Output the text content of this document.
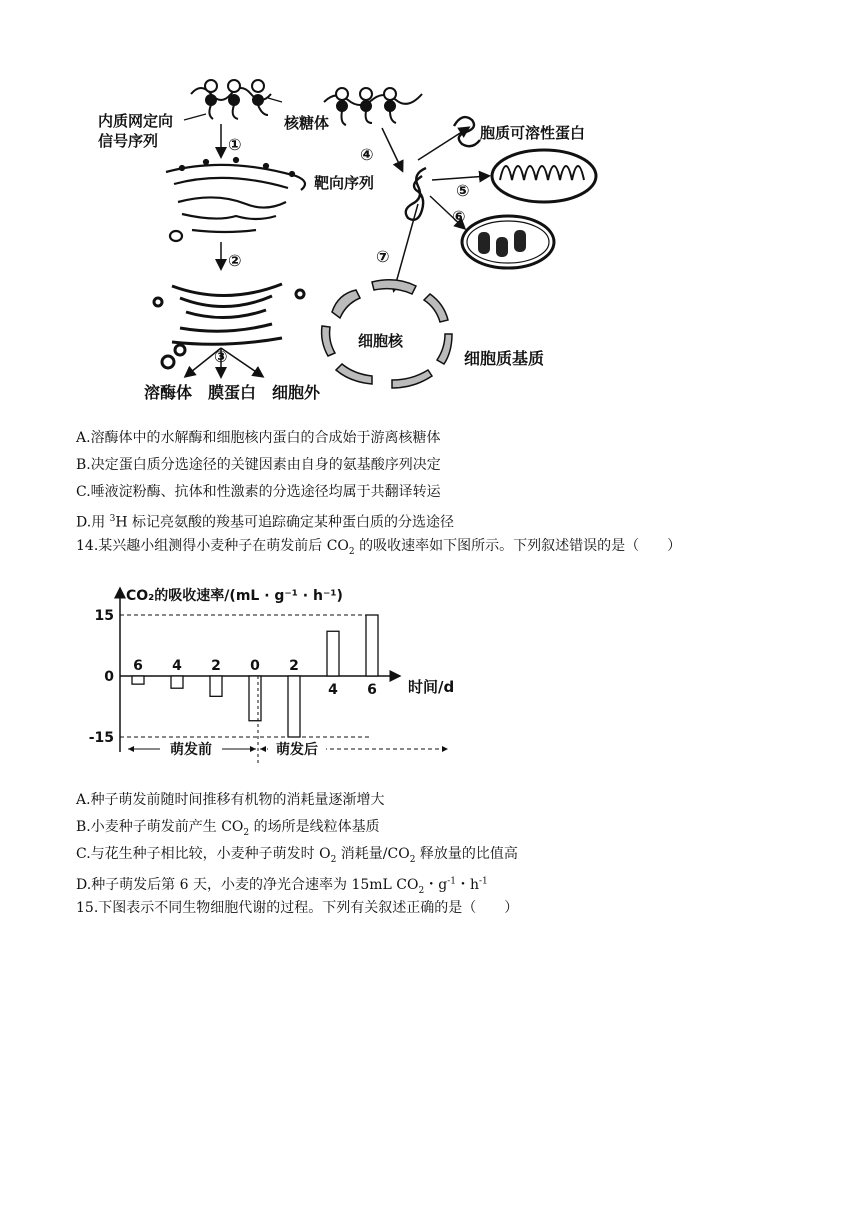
内质网定向
信号序列
核糖体
①
②
③
溶酶体 膜蛋白 细胞外
④
靶向序列
胞质可溶性蛋白
⑤
⑥
⑦
细胞核
细胞质基质
A.溶酶体中的水解酶和细胞核内蛋白的合成始于游离核糖体
B.决定蛋白质分选途径的关键因素由自身的氨基酸序列决定
C.唾液淀粉酶、抗体和性激素的分选途径均属于共翻译转运
D.用 $^3$H 标记亮氨酸的羧基可追踪确定某种蛋白质的分选途径
14.某兴趣小组测得小麦种子在萌发前后 $CO_2$ 的吸收速率如下图所示。下列叙述错误的是（　　）
CO₂的吸收速率/(mL · g⁻¹ · h⁻¹)
15
0
-15
时间/d
6 4 2 0 2
4 6
萌发前	萌发后
A.种子萌发前随时间推移有机物的消耗量逐渐增大
B.小麦种子萌发前产生 $CO_2$ 的场所是线粒体基质
C.与花生种子相比较，小麦种子萌发时 $O_2$ 消耗量$/CO_2$ 释放量的比值高
D.种子萌发后第 6 天，小麦的净光合速率为 15mL $CO_2$・$g^{-1}$・$h^{-1}$
15.下图表示不同生物细胞代谢的过程。下列有关叙述正确的是（　　）
